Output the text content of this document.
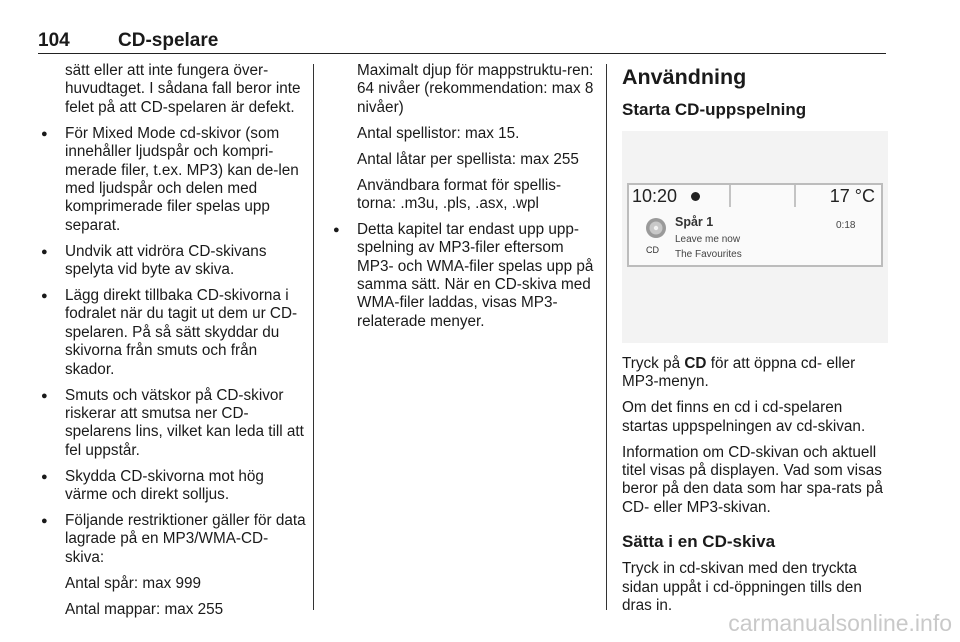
104	CD-spelare

sätt eller att inte fungera över-huvudtaget. I sådana fall beror inte felet på att CD-spelaren är defekt.

● För Mixed Mode cd-skivor (som innehåller ljudspår och kompri-merade filer, t.ex. MP3) kan de-len med ljudspår och delen med komprimerade filer spelas upp separat.
● Undvik att vidröra CD-skivans spelyta vid byte av skiva.
● Lägg direkt tillbaka CD-skivorna i fodralet när du tagit ut dem ur CD-spelaren. På så sätt skyddar du skivorna från smuts och från skador.
● Smuts och vätskor på CD-skivor riskerar att smutsa ner CD-spelarens lins, vilket kan leda till att fel uppstår.
● Skydda CD-skivorna mot hög värme och direkt solljus.
● Följande restriktioner gäller för data lagrade på en MP3/WMA-CD-skiva:

Antal spår: max 999

Antal mappar: max 255

Maximalt djup för mappstruktu-ren: 64 nivåer (rekommendation: max 8 nivåer)

Antal spellistor: max 15.

Antal låtar per spellista: max 255

Användbara format för spellis-torna: .m3u, .pls, .asx, .wpl

● Detta kapitel tar endast upp upp-spelning av MP3-filer eftersom MP3- och WMA-filer spelas upp på samma sätt. När en CD-skiva med WMA-filer laddas, visas MP3-relaterade menyer.
Användning
Starta CD-uppspelning
10:20	17 °C
CD
Spår 1
Leave me now
The Favourites
0:18

Tryck på CD för att öppna cd- eller MP3-menyn.

Om det finns en cd i cd-spelaren startas uppspelningen av cd-skivan.

Information om CD-skivan och aktuell titel visas på displayen. Vad som visas beror på den data som har spa-rats på CD- eller MP3-skivan.

Sätta i en CD-skiva

Tryck in cd-skivan med den tryckta sidan uppåt i cd-öppningen tills den dras in.

carmanualsonline.info
